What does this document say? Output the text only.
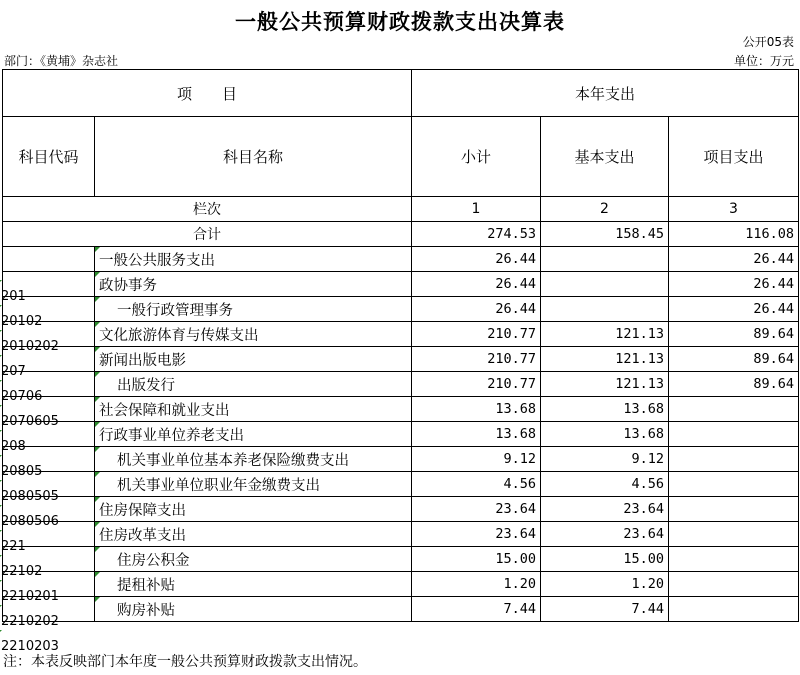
一般公共预算财政拨款支出决算表
公开05表
部门：《黄埔》杂志社	单位：万元
项　　目	本年支出
科目代码	科目名称	小计	基本支出	项目支出
栏次	1	2	3
合计	274.53	158.45	116.08

201	一般公共服务支出	26.44		26.44

20102	政协事务	26.44		26.44

2010202	一般行政管理事务	26.44		26.44

207	文化旅游体育与传媒支出	210.77	121.13	89.64

20706	新闻出版电影	210.77	121.13	89.64

2070605	出版发行	210.77	121.13	89.64

208	社会保障和就业支出	13.68	13.68	

20805	行政事业单位养老支出	13.68	13.68	

2080505	机关事业单位基本养老保险缴费支出	9.12	9.12	

2080506	机关事业单位职业年金缴费支出	4.56	4.56	

221	住房保障支出	23.64	23.64	

22102	住房改革支出	23.64	23.64	

2210201	住房公积金	15.00	15.00	

2210202	提租补贴	1.20	1.20	

2210203	购房补贴	7.44	7.44	
注：本表反映部门本年度一般公共预算财政拨款支出情况。
